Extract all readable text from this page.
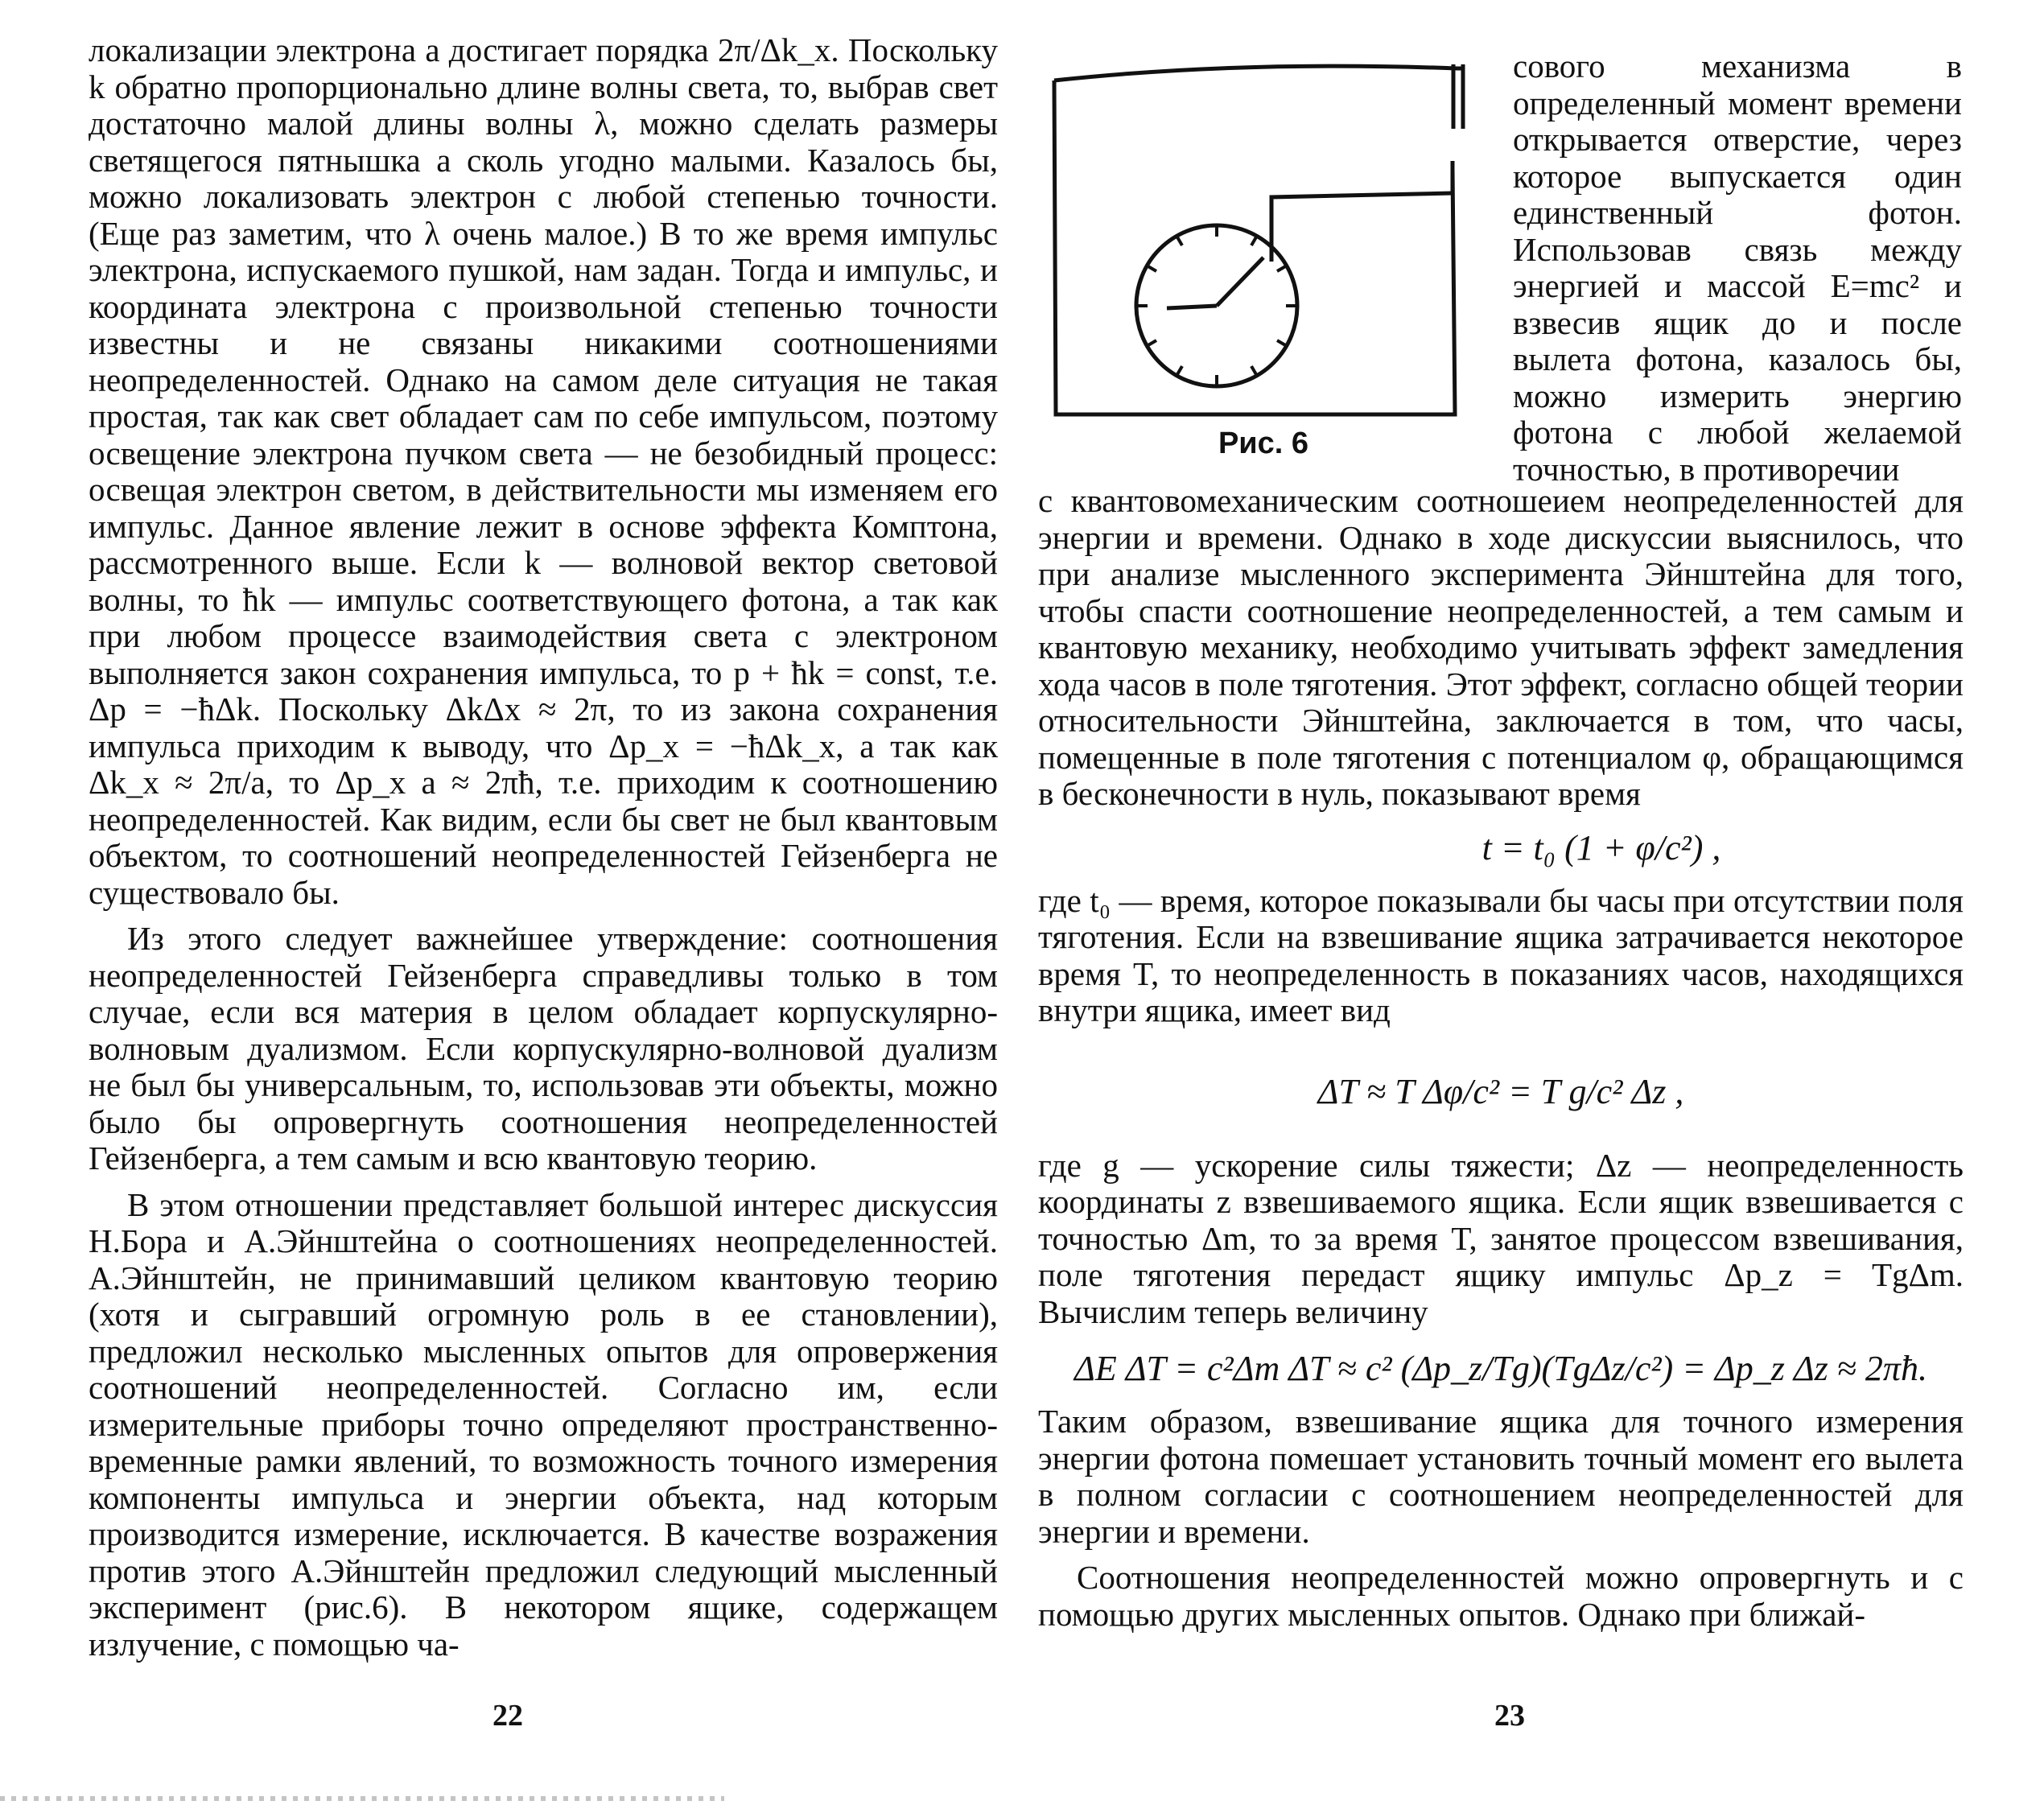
локализации электрона a достигает порядка 2π/Δk_x. Поскольку k обратно пропорционально длине волны света, то, выбрав свет достаточно малой длины волны λ, можно сделать размеры светящегося пятнышка a сколь угодно малыми. Казалось бы, можно локализовать электрон с любой степенью точности. (Еще раз заметим, что λ очень малое.) В то же время импульс электрона, испускаемого пушкой, нам задан. Тогда и импульс, и координата электрона с произвольной степенью точности известны и не связаны никакими соотношениями неопределенностей. Однако на самом деле ситуация не такая простая, так как свет обладает сам по себе импульсом, поэтому освещение электрона пучком света — не безобидный процесс: освещая электрон светом, в действительности мы изменяем его импульс. Данное явление лежит в основе эффекта Комптона, рассмотренного выше. Если k — волновой вектор световой волны, то ħk — импульс соответствующего фотона, а так как при любом процессе взаимодействия света с электроном выполняется закон сохранения импульса, то p + ħk = const, т.е. Δp = −ħΔk. Поскольку ΔkΔx ≈ 2π, то из закона сохранения импульса приходим к выводу, что Δp_x = −ħΔk_x, а так как Δk_x ≈ 2π/a, то Δp_x a ≈ 2πħ, т.е. приходим к соотношению неопределенностей. Как видим, если бы свет не был квантовым объектом, то соотношений неопределенностей Гейзенберга не существовало бы.

Из этого следует важнейшее утверждение: соотношения неопределенностей Гейзенберга справедливы только в том случае, если вся материя в целом обладает корпускулярно-волновым дуализмом. Если корпускулярно-волновой дуализм не был бы универсальным, то, использовав эти объекты, можно было бы опровергнуть соотношения неопределенностей Гейзенберга, а тем самым и всю квантовую теорию.

В этом отношении представляет большой интерес дискуссия Н.Бора и А.Эйнштейна о соотношениях неопределенностей. А.Эйнштейн, не принимавший целиком квантовую теорию (хотя и сыгравший огромную роль в ее становлении), предложил несколько мысленных опытов для опровержения соотношений неопределенностей. Согласно им, если измерительные приборы точно определяют пространственно-временные рамки явлений, то возможность точного измерения компоненты импульса и энергии объекта, над которым производится измерение, исключается. В качестве возражения против этого А.Эйнштейн предложил следующий мысленный эксперимент (рис.6). В некотором ящике, содержащем излучение, с помощью ча-

22
Рис. 6

сового механизма в определенный момент времени открывается отверстие, через которое выпускается один единственный фотон. Использовав связь между энергией и массой E=mc² и взвесив ящик до и после вылета фотона, казалось бы, можно измерить энергию фотона с любой желаемой точностью, в противоречии

с квантовомеханическим соотношеием неопределенностей для энергии и времени. Однако в ходе дискуссии выяснилось, что при анализе мысленного эксперимента Эйнштейна для того, чтобы спасти соотношение неопределенностей, а тем самым и квантовую механику, необходимо учитывать эффект замедления хода часов в поле тяготения. Этот эффект, согласно общей теории относительности Эйнштейна, заключается в том, что часы, помещенные в поле тяготения с потенциалом φ, обращающимся в бесконечности в нуль, показывают время

t = t₀ (1 + φ/c²) ,

где t₀ — время, которое показывали бы часы при отсутствии поля тяготения. Если на взвешивание ящика затрачивается некоторое время T, то неопределенность в показаниях часов, находящихся внутри ящика, имеет вид

ΔT ≈ T Δφ/c² = T g/c² Δz ,

где g — ускорение силы тяжести; Δz — неопределенность координаты z взвешиваемого ящика. Если ящик взвешивается с точностью Δm, то за время T, занятое процессом взвешивания, поле тяготения передаст ящику импульс Δp_z = TgΔm. Вычислим теперь величину

ΔE ΔT = c²Δm ΔT ≈ c² (Δp_z/Tg)(TgΔz/c²) = Δp_z Δz ≈ 2πħ.

Таким образом, взвешивание ящика для точного измерения энергии фотона помешает установить точный момент его вылета в полном согласии с соотношением неопределенностей для энергии и времени.

Соотношения неопределенностей можно опровергнуть и с помощью других мысленных опытов. Однако при ближай-

23
